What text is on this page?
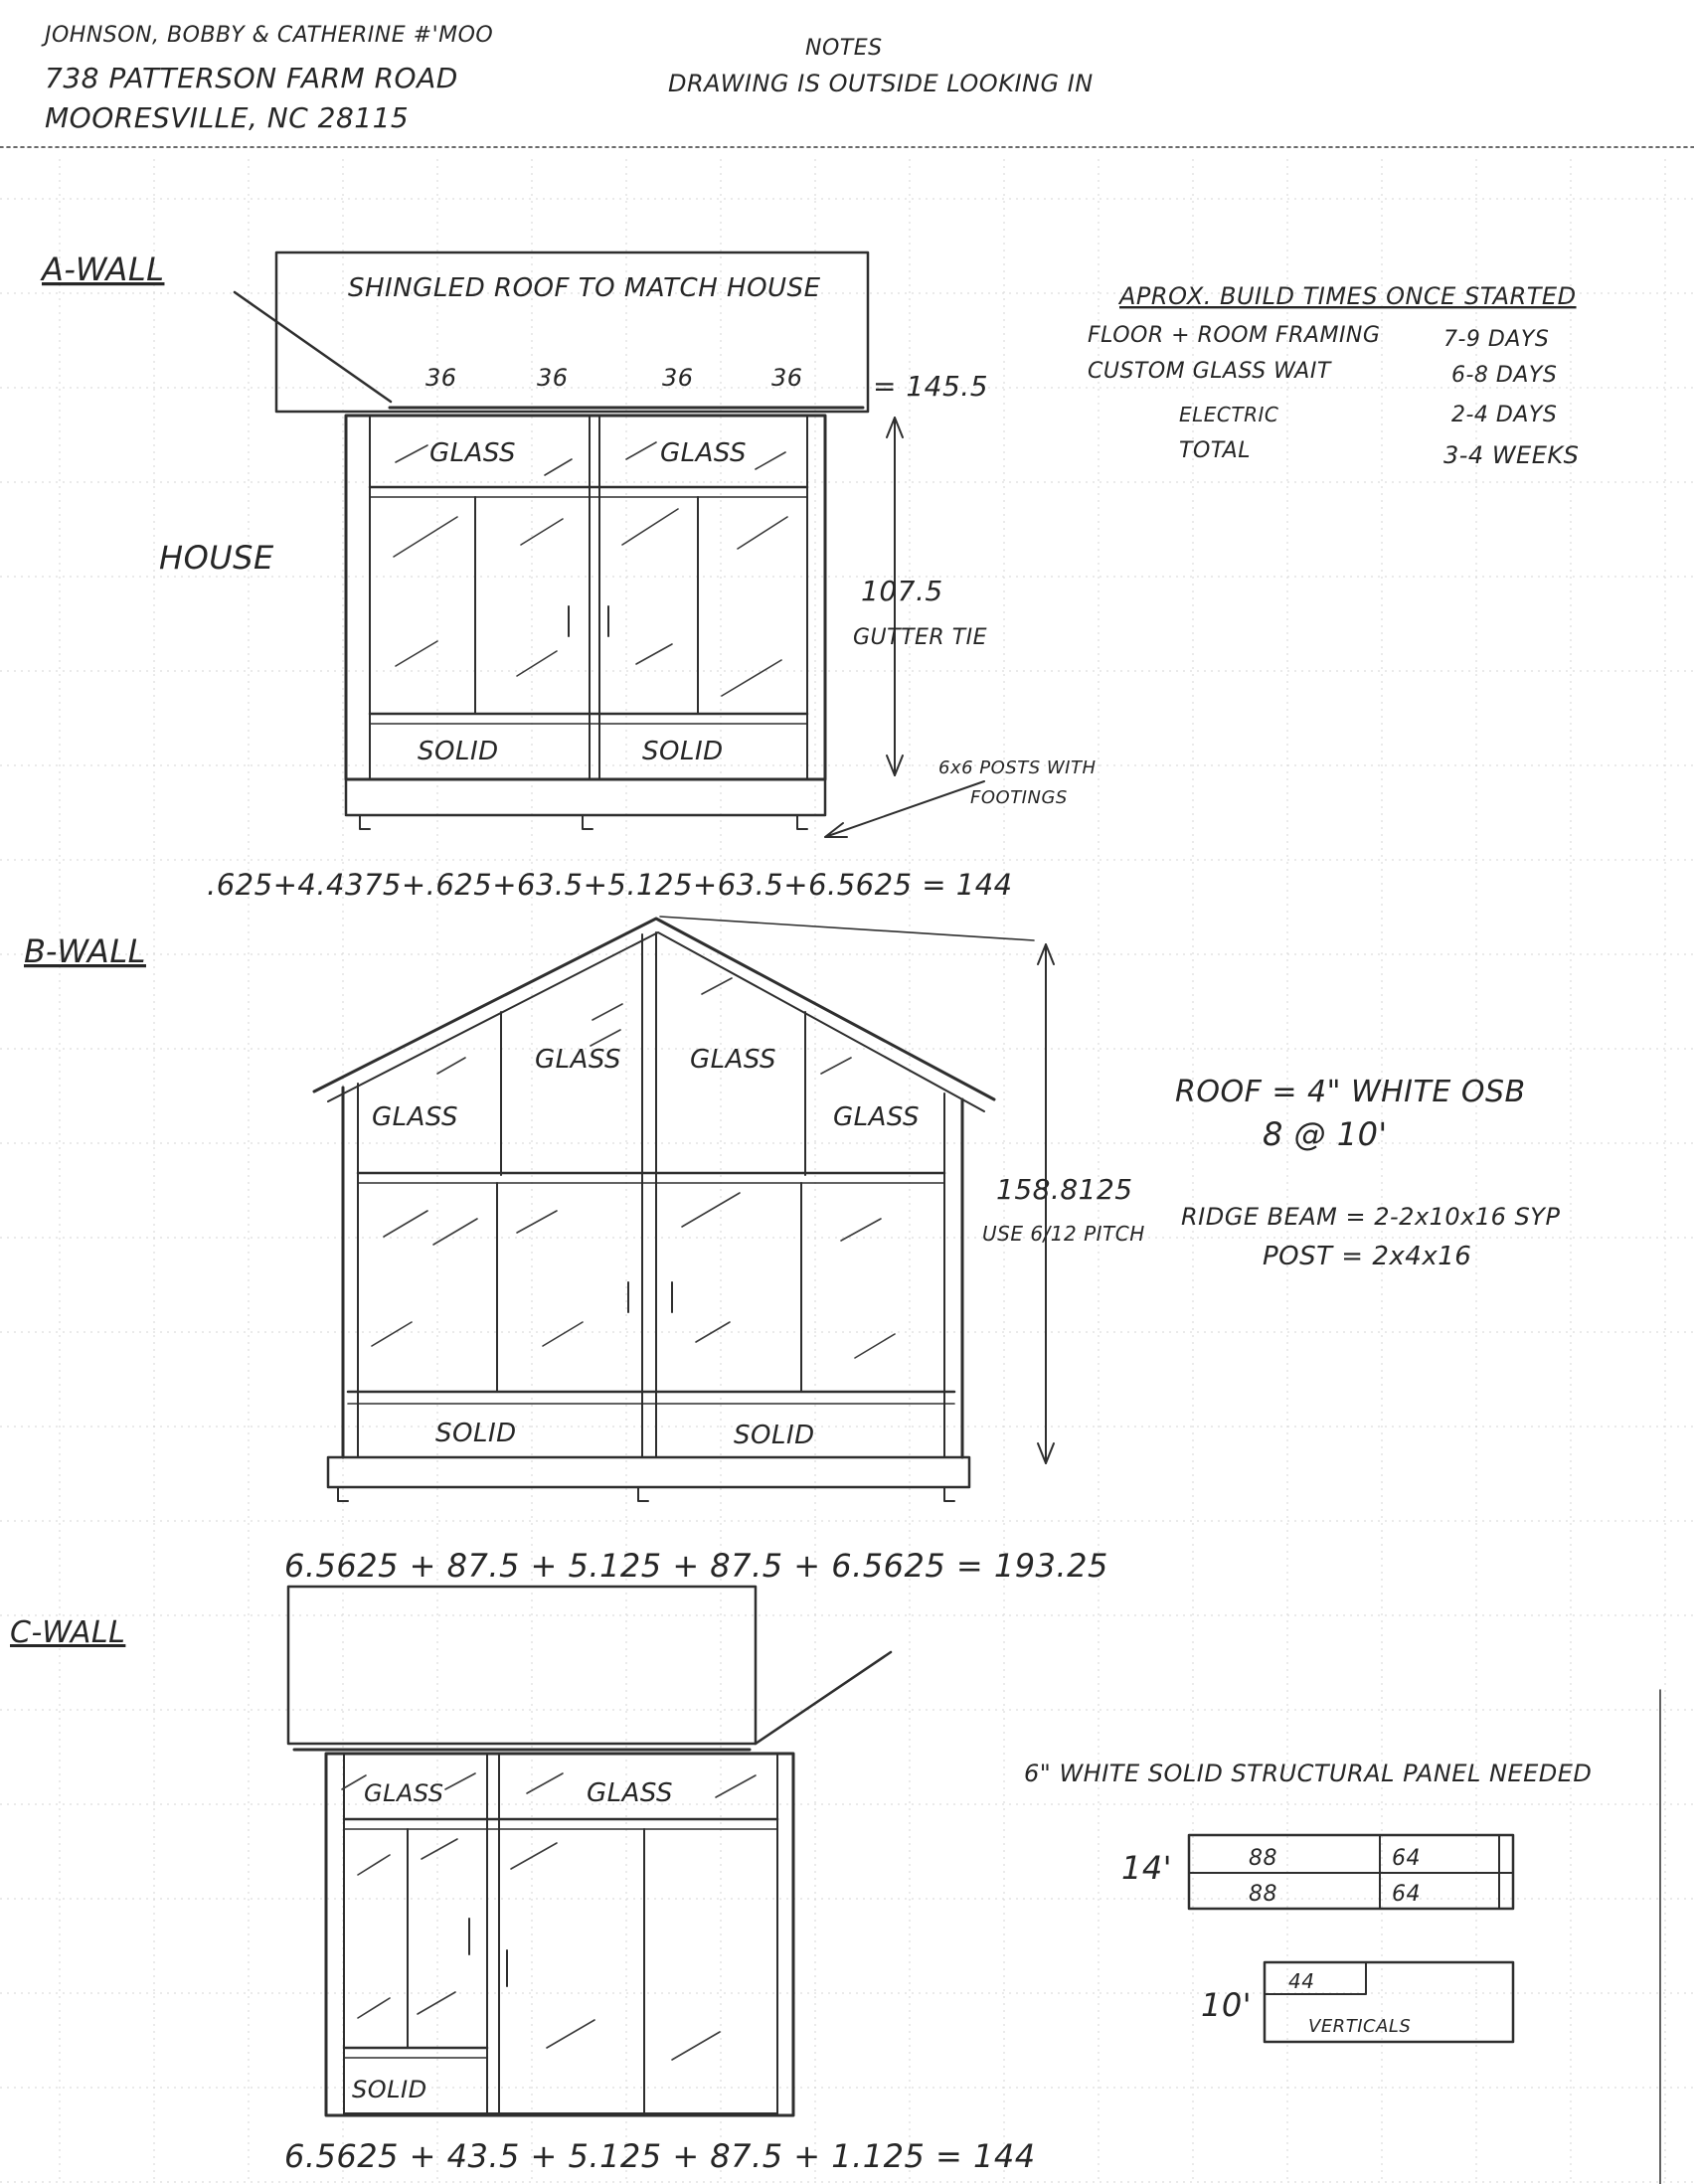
JOHNSON, BOBBY & CATHERINE #'MOO
738 PATTERSON FARM ROAD
MOORESVILLE, NC 28115
NOTES
DRAWING IS OUTSIDE LOOKING IN
A-WALL	SHINGLED ROOF TO MATCH HOUSE
36	36	36	36	= 145.5
HOUSE
GLASS	GLASS
SOLID	SOLID
107.5
GUTTER TIE
6x6 POSTS WITH
FOOTINGS
.625+4.4375+.625+63.5+5.125+63.5+6.5625 = 144
APROX. BUILD TIMES ONCE STARTED
FLOOR + ROOM FRAMING	7-9 DAYS
CUSTOM GLASS WAIT	6-8 DAYS
ELECTRIC	2-4 DAYS
TOTAL	3-4 WEEKS
B-WALL
GLASS
GLASS	GLASS
GLASS
SOLID	SOLID
158.8125
USE 6/12 PITCH
ROOF = 4" WHITE OSB
8 @ 10'
RIDGE BEAM = 2-2x10x16 SYP
POST = 2x4x16
6.5625 + 87.5 + 5.125 + 87.5 + 6.5625 = 193.25
C-WALL
GLASS	GLASS
SOLID
6.5625 + 43.5 + 5.125 + 87.5 + 1.125 = 144
6" WHITE SOLID STRUCTURAL PANEL NEEDED
14'	88	64
88	64
10'
44
VERTICALS
